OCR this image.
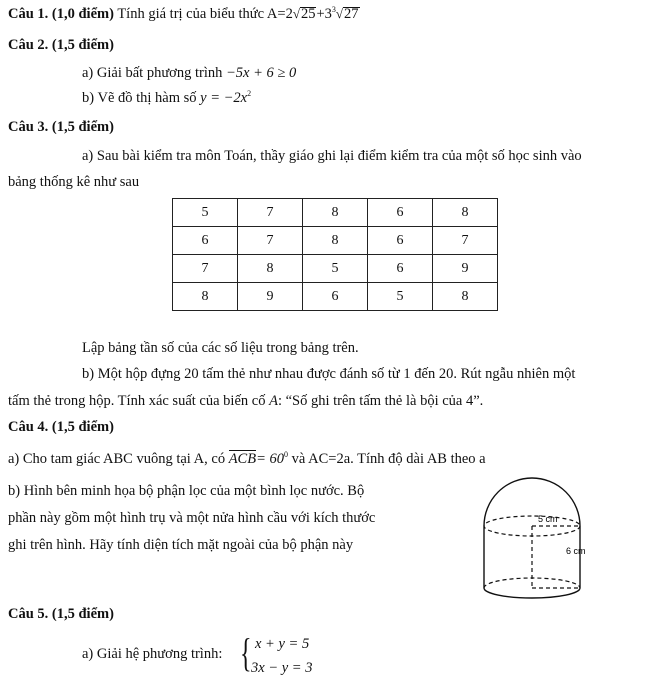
Câu 1. (1,0 điểm) Tính giá trị của biểu thức $A=2√25+3^3√27$
Câu 2. (1,5 điểm)
a) Giải bất phương trình −5x + 6 ≥ 0
b) Vẽ đồ thị hàm số $y = -2x^2$
Câu 3. (1,5 điểm)
a) Sau bài kiểm tra môn Toán, thầy giáo ghi lại điểm kiểm tra của một số học sinh vào
bảng thống kê như sau
5	7	8	6	8
6	7	8	6	7
7	8	5	6	9
8	9	6	5	8
Lập bảng tần số của các số liệu trong bảng trên.
b) Một hộp đựng 20 tấm thẻ như nhau được đánh số từ 1 đến 20. Rút ngẫu nhiên một
tấm thẻ trong hộp. Tính xác suất của biến cố A: “Số ghi trên tấm thẻ là bội của 4”.
Câu 4. (1,5 điểm)
a) Cho tam giác ABC vuông tại A, có $ACB= 60^0$ và AC=2a. Tính độ dài AB theo a
b) Hình bên minh họa bộ phận lọc của một bình lọc nước. Bộ
phần này gồm một hình trụ và một nửa hình cầu với kích thước
ghi trên hình. Hãy tính diện tích mặt ngoài của bộ phận này
5 cm
6 cm
Câu 5. (1,5 điểm)
a) Giải hệ phương trình: { x + y = 5
3x − y = 3
